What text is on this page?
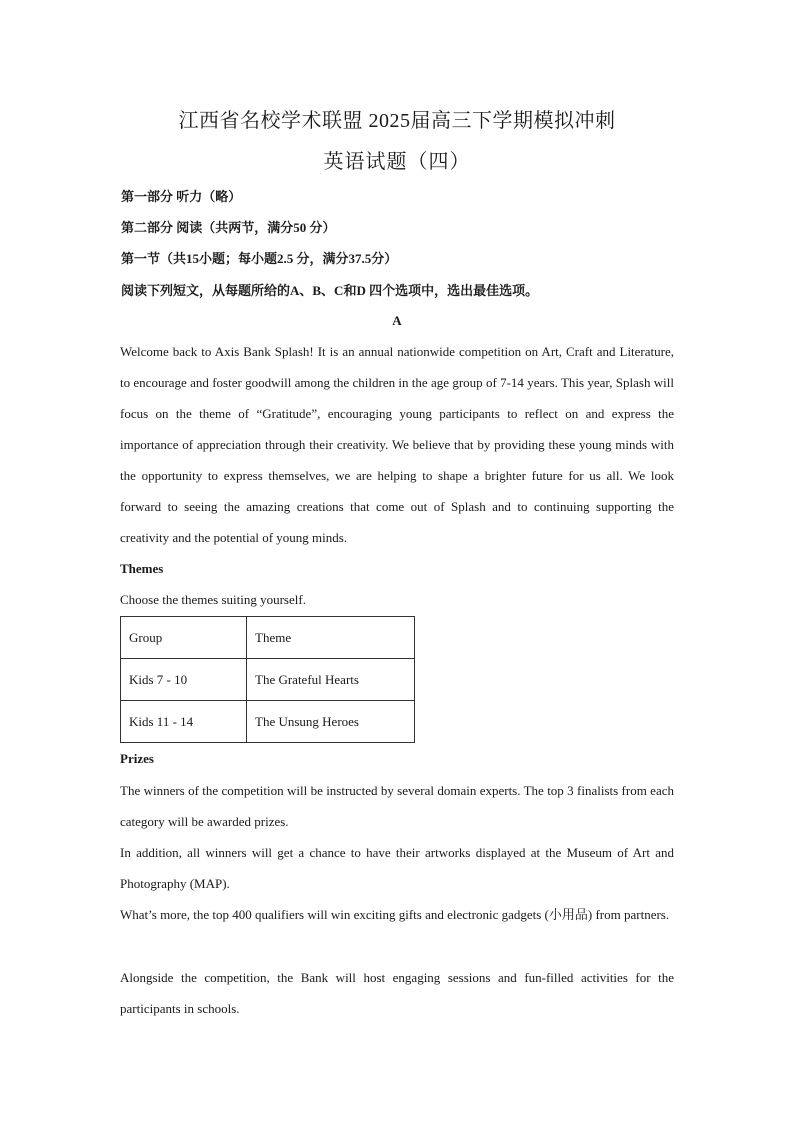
江西省名校学术联盟 2025届高三下学期模拟冲刺
英语试题（四）
第一部分 听力（略）
第二部分 阅读（共两节，满分50 分）
第一节（共15小题；每小题2.5 分，满分37.5分）
阅读下列短文，从每题所给的A、B、C和D 四个选项中，选出最佳选项。
A
Welcome back to Axis Bank Splash! It is an annual nationwide competition on Art, Craft and Literature, to encourage and foster goodwill among the children in the age group of 7-14 years. This year, Splash will focus on the theme of “Gratitude”, encouraging young participants to reflect on and express the importance of appreciation through their creativity. We believe that by providing these young minds with the opportunity to express themselves, we are helping to shape a brighter future for us all. We look forward to seeing the amazing creations that come out of Splash and to continuing supporting the creativity and the potential of young minds.
Themes
Choose the themes suiting yourself.
Group	Theme
Kids 7 - 10	The Grateful Hearts
Kids 11 - 14	The Unsung Heroes
Prizes
The winners of the competition will be instructed by several domain experts. The top 3 finalists from each category will be awarded prizes.
In addition, all winners will get a chance to have their artworks displayed at the Museum of Art and Photography (MAP).
What’s more, the top 400 qualifiers will win exciting gifts and electronic gadgets (小用品) from partners.
Alongside the competition, the Bank will host engaging sessions and fun-filled activities for the participants in schools.
